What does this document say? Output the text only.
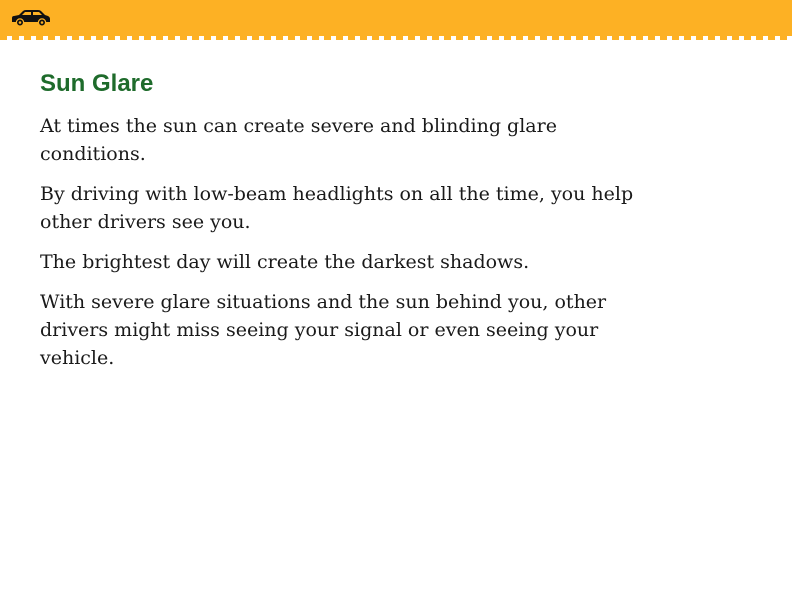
Sun Glare

At times the sun can create severe and blinding glare conditions.

By driving with low-beam headlights on all the time, you help other drivers see you.

The brightest day will create the darkest shadows.

With severe glare situations and the sun behind you, other drivers might miss seeing your signal or even seeing your vehicle.
